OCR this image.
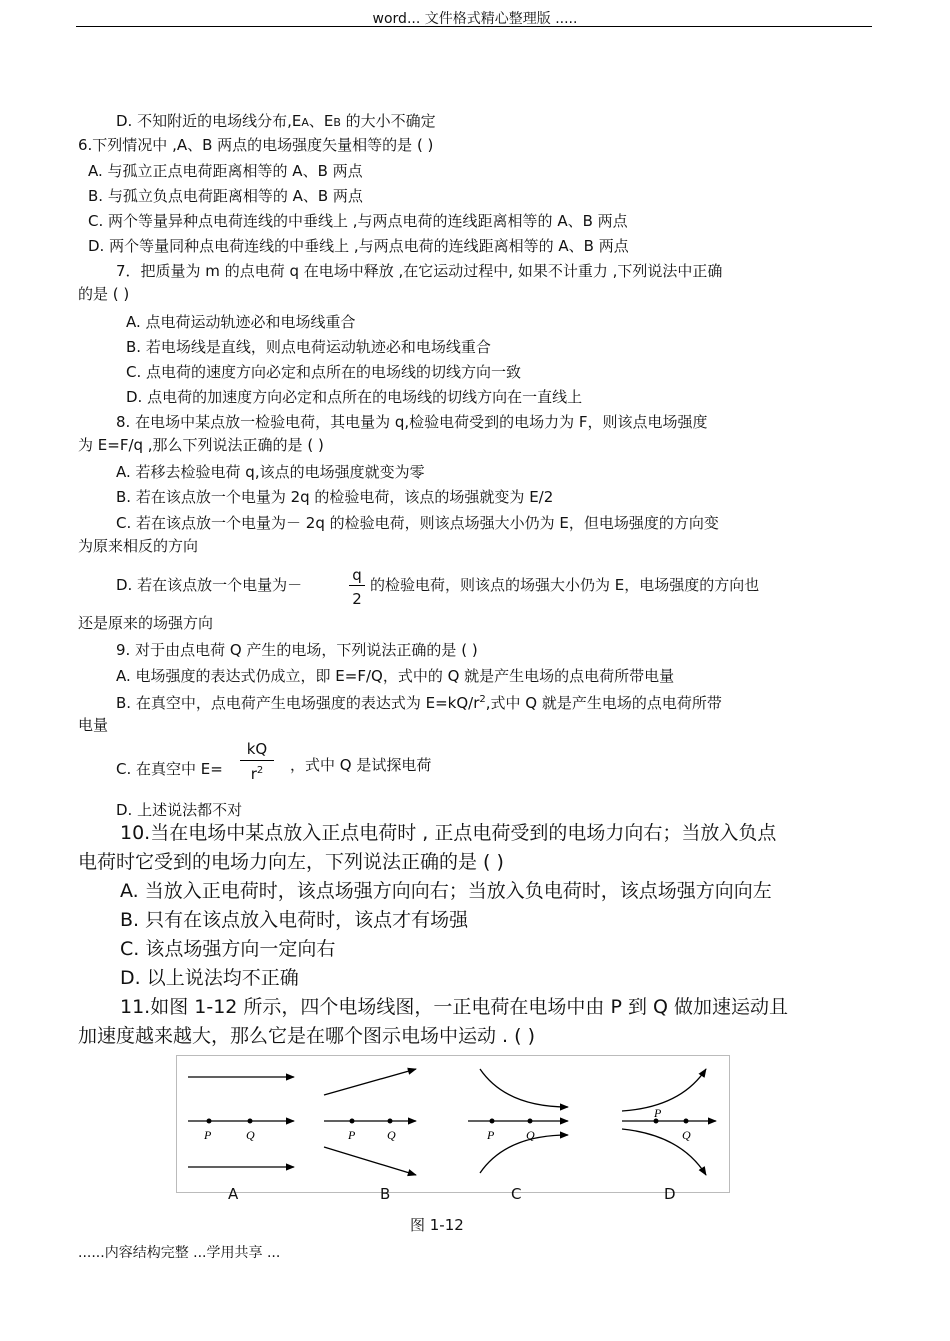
word... 文件格式精心整理版 .....
D. 不知附近的电场线分布,EA、EB 的大小不确定
6.下列情况中 ,A、B 两点的电场强度矢量相等的是 ( )
A. 与孤立正点电荷距离相等的 A、B 两点
B. 与孤立负点电荷距离相等的 A、B 两点
C. 两个等量异种点电荷连线的中垂线上 ,与两点电荷的连线距离相等的 A、B 两点
D. 两个等量同种点电荷连线的中垂线上 ,与两点电荷的连线距离相等的 A、B 两点
7．把质量为 m 的点电荷 q 在电场中释放 ,在它运动过程中, 如果不计重力 ,下列说法中正确
的是 ( )
A. 点电荷运动轨迹必和电场线重合
B. 若电场线是直线，则点电荷运动轨迹必和电场线重合
C. 点电荷的速度方向必定和点所在的电场线的切线方向一致
D. 点电荷的加速度方向必定和点所在的电场线的切线方向在一直线上
8. 在电场中某点放一检验电荷，其电量为 q,检验电荷受到的电场力为 F，则该点电场强度
为 E=F/q ,那么下列说法正确的是 ( )
A. 若移去检验电荷 q,该点的电场强度就变为零
B. 若在该点放一个电量为 2q 的检验电荷，该点的场强就变为 E/2
C. 若在该点放一个电量为－ 2q 的检验电荷，则该点场强大小仍为 E，但电场强度的方向变
为原来相反的方向
D. 若在该点放一个电量为－	的检验电荷，则该点的场强大小仍为 E，电场强度的方向也
还是原来的场强方向
9. 对于由点电荷 Q 产生的电场，下列说法正确的是 ( )
A. 电场强度的表达式仍成立，即 E=F/Q，式中的 Q 就是产生电场的点电荷所带电量
电量
，式中 Q 是试探电荷
D. 上述说法都不对
10.当在电场中某点放入正点电荷时 , 正点电荷受到的电场力向右；当放入负点
电荷时它受到的电场力向左，下列说法正确的是 ( )
A. 当放入正电荷时，该点场强方向向右；当放入负电荷时，该点场强方向向左
B. 只有在该点放入电荷时，该点才有场强
C. 该点场强方向一定向右
D. 以上说法均不正确
11.如图 1-12 所示，四个电场线图，一正电荷在电场中由 P 到 Q 做加速运动且
加速度越来越大，那么它是在哪个图示电场中运动 . ( )
q
2
B. 在真空中，点电荷产生电场强度的表达式为 $E=kQ/r^2$,式中 Q 就是产生电场的点电荷所带
C. 在真空中 E=
kQ
$r^2$
P	Q	P	Q	P	Q
P
Q
A	B	C	D
图 1-12
......内容结构完整 ...学用共享 ...
